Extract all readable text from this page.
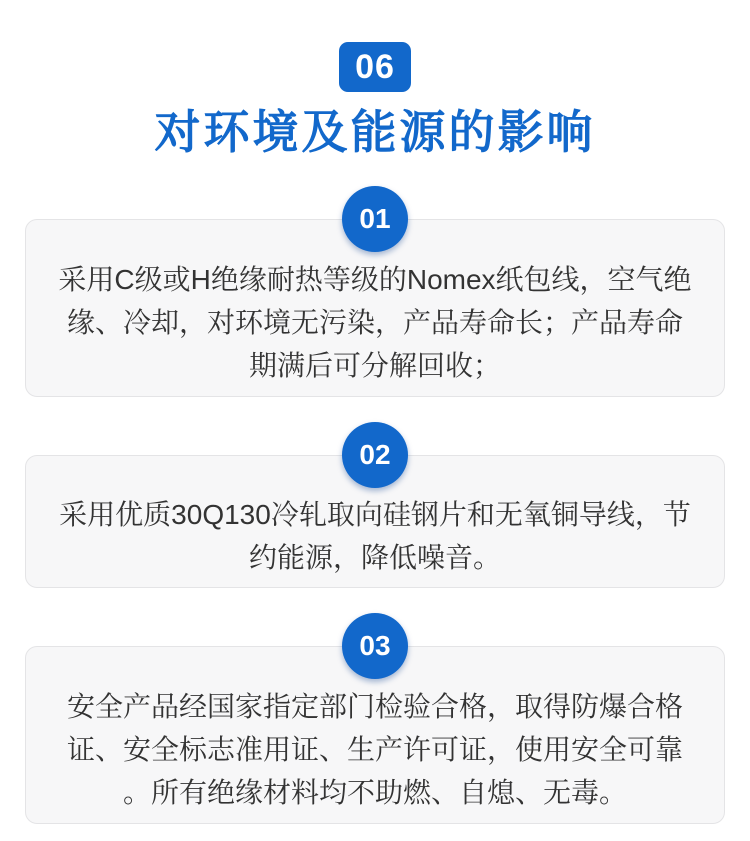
06
对环境及能源的影响
01
采用C级或H绝缘耐热等级的Nomex纸包线，空气绝
缘、冷却，对环境无污染，产品寿命长；产品寿命
期满后可分解回收；
02
采用优质30Q130冷轧取向硅钢片和无氧铜导线，节
约能源，降低噪音。
03
安全产品经国家指定部门检验合格，取得防爆合格
证、安全标志准用证、生产许可证，使用安全可靠
。所有绝缘材料均不助燃、自熄、无毒。
